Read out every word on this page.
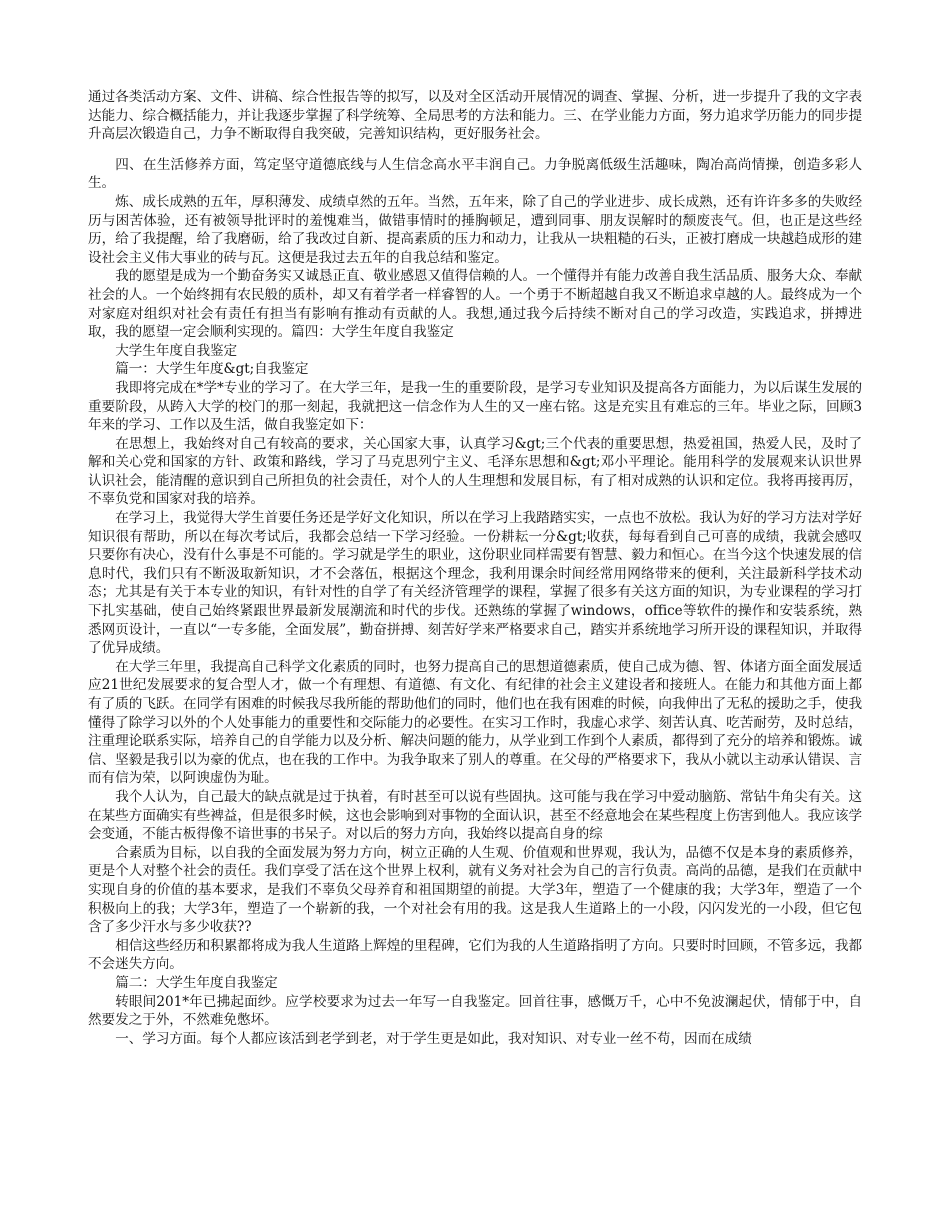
通过各类活动方案、文件、讲稿、综合性报告等的拟写，以及对全区活动开展情况的调查、掌握、分析，进一步提升了我的文字表达能力、综合概括能力，并让我逐步掌握了科学统筹、全局思考的方法和能力。三、在学业能力方面，努力追求学历能力的同步提升高层次锻造自己，力争不断取得自我突破，完善知识结构，更好服务社会。

四、在生活修养方面，笃定坚守道德底线与人生信念高水平丰润自己。力争脱离低级生活趣味，陶冶高尚情操，创造多彩人生。

炼、成长成熟的五年，厚积薄发、成绩卓然的五年。当然，五年来，除了自己的学业进步、成长成熟，还有许许多多的失败经历与困苦体验，还有被领导批评时的羞愧难当，做错事情时的捶胸顿足，遭到同事、朋友误解时的颓废丧气。但，也正是这些经历，给了我提醒，给了我磨砺，给了我改过自新、提高素质的压力和动力，让我从一块粗糙的石头，正被打磨成一块越趋成形的建设社会主义伟大事业的砖与瓦。这便是我过去五年的自我总结和鉴定。

我的愿望是成为一个勤奋务实又诚恳正直、敬业感恩又值得信赖的人。一个懂得并有能力改善自我生活品质、服务大众、奉献社会的人。一个始终拥有农民般的质朴，却又有着学者一样睿智的人。一个勇于不断超越自我又不断追求卓越的人。最终成为一个对家庭对组织对社会有责任有担当有影响有推动有贡献的人。我想,通过我今后持续不断对自己的学习改造，实践追求，拼搏进取，我的愿望一定会顺利实现的。篇四：大学生年度自我鉴定

大学生年度自我鉴定

篇一：大学生年度&gt;自我鉴定

我即将完成在*学*专业的学习了。在大学三年，是我一生的重要阶段，是学习专业知识及提高各方面能力，为以后谋生发展的重要阶段，从跨入大学的校门的那一刻起，我就把这一信念作为人生的又一座右铭。这是充实且有难忘的三年。毕业之际，回顾3年来的学习、工作以及生活，做自我鉴定如下：

在思想上，我始终对自己有较高的要求，关心国家大事，认真学习&gt;三个代表的重要思想，热爱祖国，热爱人民，及时了解和关心党和国家的方针、政策和路线，学习了马克思列宁主义、毛泽东思想和&gt;邓小平理论。能用科学的发展观来认识世界认识社会，能清醒的意识到自己所担负的社会责任，对个人的人生理想和发展目标，有了相对成熟的认识和定位。我将再接再厉，不辜负党和国家对我的培养。

在学习上，我觉得大学生首要任务还是学好文化知识，所以在学习上我踏踏实实，一点也不放松。我认为好的学习方法对学好知识很有帮助，所以在每次考试后，我都会总结一下学习经验。一份耕耘一分&gt;收获，每每看到自己可喜的成绩，我就会感叹只要你有决心，没有什么事是不可能的。学习就是学生的职业，这份职业同样需要有智慧、毅力和恒心。在当今这个快速发展的信息时代，我们只有不断汲取新知识，才不会落伍，根据这个理念，我利用课余时间经常用网络带来的便利，关注最新科学技术动态；尤其是有关于本专业的知识，有针对性的自学了有关经济管理学的课程，掌握了很多有关这方面的知识，为专业课程的学习打下扎实基础，使自己始终紧跟世界最新发展潮流和时代的步伐。还熟练的掌握了windows，office等软件的操作和安装系统，熟悉网页设计，一直以“一专多能，全面发展”，勤奋拼搏、刻苦好学来严格要求自己，踏实并系统地学习所开设的课程知识，并取得了优异成绩。

在大学三年里，我提高自己科学文化素质的同时，也努力提高自己的思想道德素质，使自己成为德、智、体诸方面全面发展适应21世纪发展要求的复合型人才，做一个有理想、有道德、有文化、有纪律的社会主义建设者和接班人。在能力和其他方面上都有了质的飞跃。在同学有困难的时候我尽我所能的帮助他们的同时，他们也在我有困难的时候，向我伸出了无私的援助之手，使我懂得了除学习以外的个人处事能力的重要性和交际能力的必要性。在实习工作时，我虚心求学、刻苦认真、吃苦耐劳，及时总结，注重理论联系实际，培养自己的自学能力以及分析、解决问题的能力，从学业到工作到个人素质，都得到了充分的培养和锻炼。诚信、坚毅是我引以为豪的优点，也在我的工作中。为我争取来了别人的尊重。在父母的严格要求下，我从小就以主动承认错误、言而有信为荣，以阿谀虚伪为耻。

我个人认为，自己最大的缺点就是过于执着，有时甚至可以说有些固执。这可能与我在学习中爱动脑筋、常钻牛角尖有关。这在某些方面确实有些裨益，但是很多时候，这也会影响到对事物的全面认识，甚至不经意地会在某些程度上伤害到他人。我应该学会变通，不能古板得像不谙世事的书呆子。对以后的努力方向，我始终以提高自身的综

合素质为目标，以自我的全面发展为努力方向，树立正确的人生观、价值观和世界观，我认为，品德不仅是本身的素质修养，更是个人对整个社会的责任。我们享受了活在这个世界上权利，就有义务对社会为自己的言行负责。高尚的品德，是我们在贡献中实现自身的价值的基本要求，是我们不辜负父母养育和祖国期望的前提。大学3年，塑造了一个健康的我；大学3年，塑造了一个积极向上的我；大学3年，塑造了一个崭新的我，一个对社会有用的我。这是我人生道路上的一小段，闪闪发光的一小段，但它包含了多少汗水与多少收获??

相信这些经历和积累都将成为我人生道路上辉煌的里程碑，它们为我的人生道路指明了方向。只要时时回顾，不管多远，我都不会迷失方向。

篇二：大学生年度自我鉴定

转眼间201*年已拂起面纱。应学校要求为过去一年写一自我鉴定。回首往事，感慨万千，心中不免波澜起伏，情郁于中，自然要发之于外，不然难免憋坏。

一、学习方面。每个人都应该活到老学到老，对于学生更是如此，我对知识、对专业一丝不苟，因而在成绩
